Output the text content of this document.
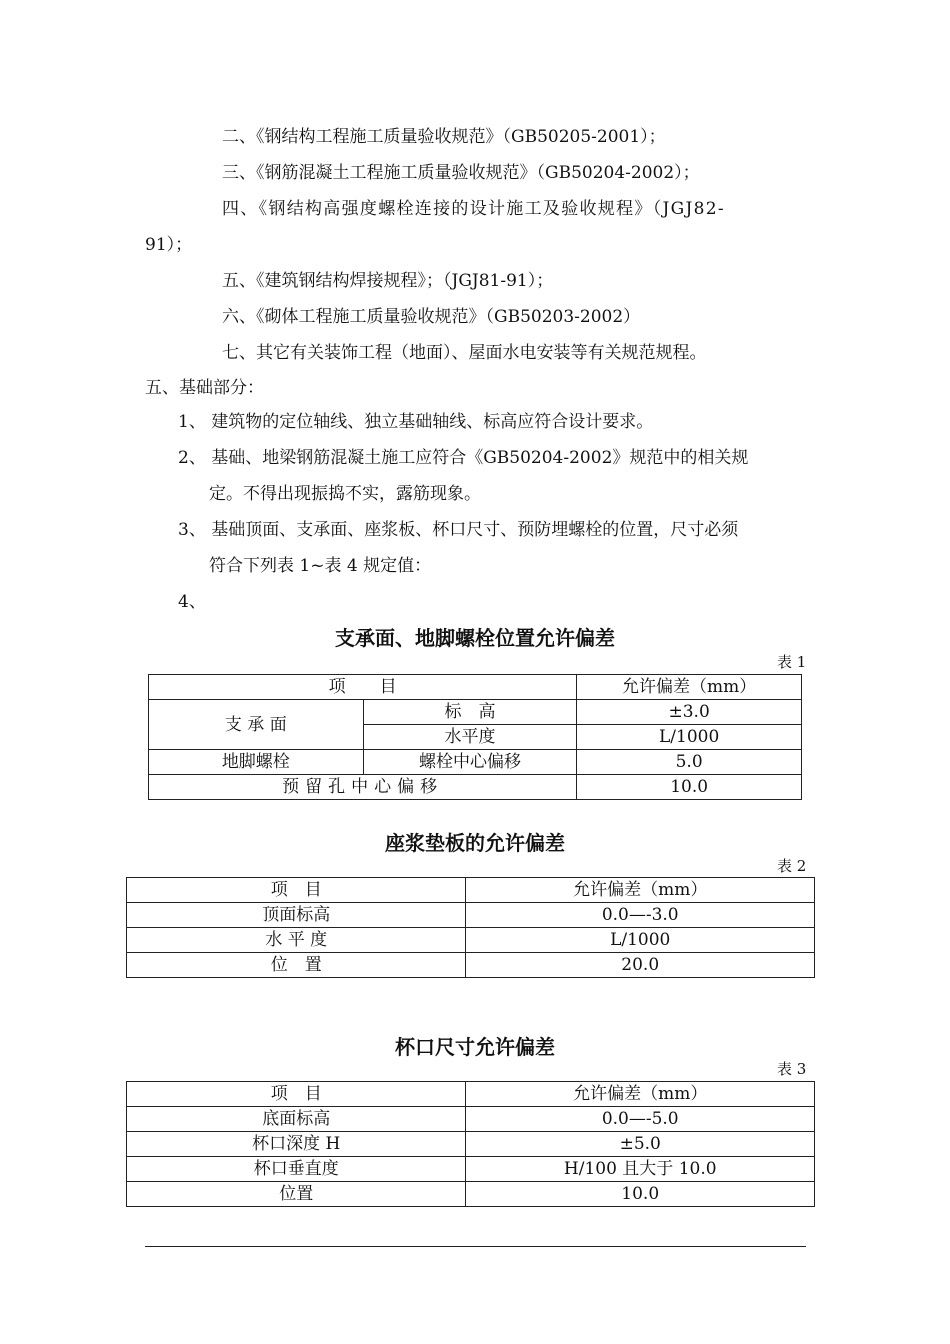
二、《钢结构工程施工质量验收规范》（GB50205-2001）；
三、《钢筋混凝土工程施工质量验收规范》（GB50204-2002）；
四、《钢结构高强度螺栓连接的设计施工及验收规程》（JGJ82-
91）；
五、《建筑钢结构焊接规程》；（JGJ81-91）；
六、《砌体工程施工质量验收规范》（GB50203-2002）
七、其它有关装饰工程（地面）、屋面水电安装等有关规范规程。
五、基础部分：
1、 建筑物的定位轴线、独立基础轴线、标高应符合设计要求。
2、 基础、地梁钢筋混凝土施工应符合《GB50204-2002》规范中的相关规
定。不得出现振捣不实，露筋现象。
3、 基础顶面、支承面、座浆板、杯口尺寸、预防埋螺栓的位置，尺寸必须
符合下列表 1~表 4 规定值：
4、
支承面、地脚螺栓位置允许偏差
表 1
项　　目		允许偏差（mm）
支 承 面	标　高	±3.0
	水平度	L/1000
地脚螺栓	螺栓中心偏移	5.0
预留孔中心偏移		10.0
座浆垫板的允许偏差
表 2
项　目	允许偏差（mm）
顶面标高	0.0—-3.0
水 平 度	L/1000
位　置	20.0
杯口尺寸允许偏差
表 3
项　目	允许偏差（mm）
底面标高	0.0—-5.0
杯口深度 H	±5.0
杯口垂直度	H/100 且大于 10.0
位置	10.0
